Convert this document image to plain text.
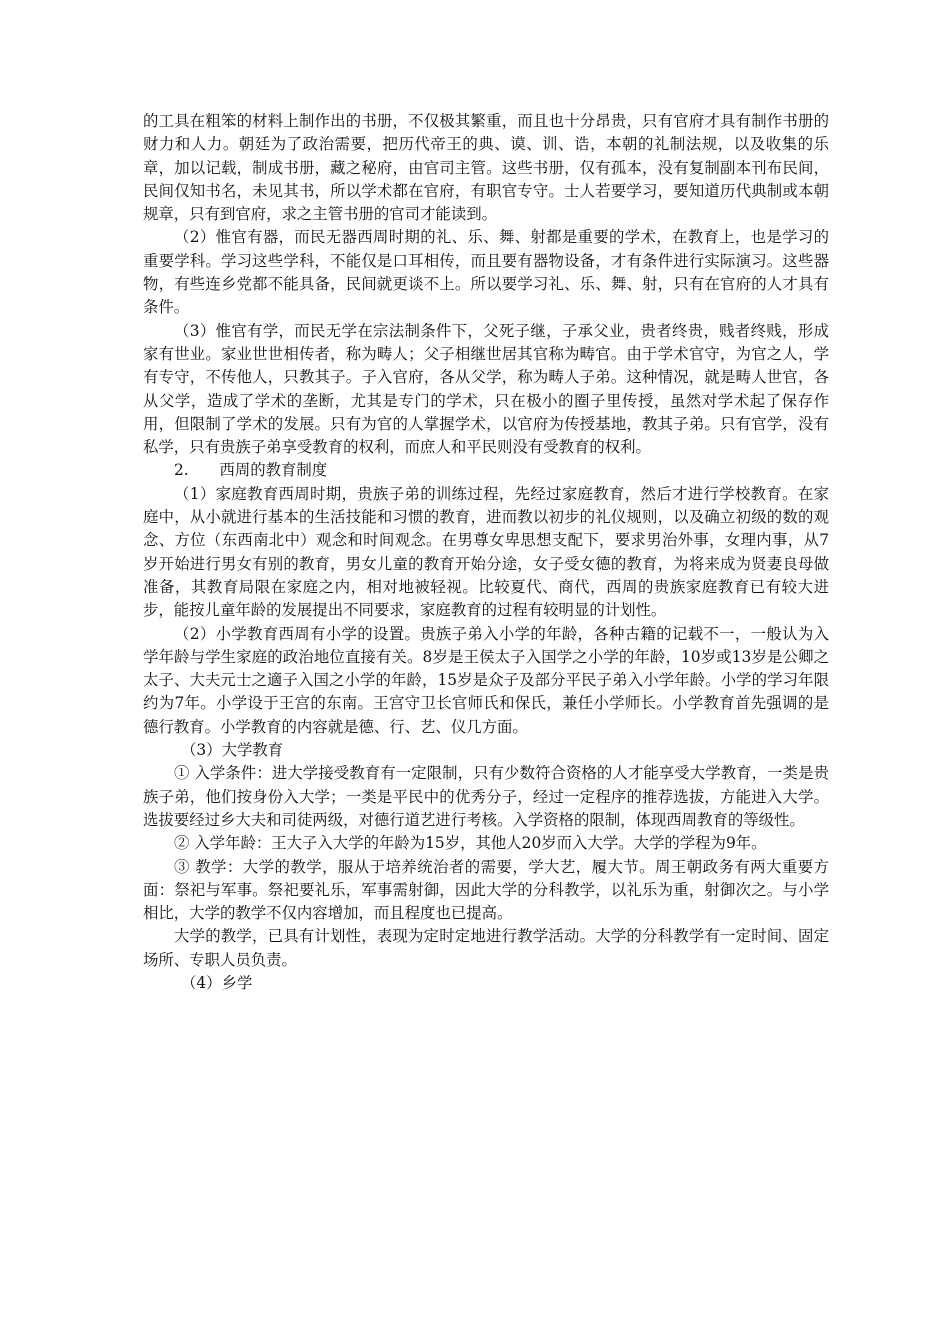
的工具在粗笨的材料上制作出的书册，不仅极其繁重，而且也十分昂贵，只有官府才具有制作书册的财力和人力。朝廷为了政治需要，把历代帝王的典、谟、训、诰，本朝的礼制法规，以及收集的乐章，加以记载，制成书册，藏之秘府，由官司主管。这些书册，仅有孤本，没有复制副本刊布民间，民间仅知书名，未见其书，所以学术都在官府，有职官专守。士人若要学习，要知道历代典制或本朝规章，只有到官府，求之主管书册的官司才能读到。

（2）惟官有器，而民无器西周时期的礼、乐、舞、射都是重要的学术，在教育上，也是学习的重要学科。学习这些学科，不能仅是口耳相传，而且要有器物设备，才有条件进行实际演习。这些器物，有些连乡党都不能具备，民间就更谈不上。所以要学习礼、乐、舞、射，只有在官府的人才具有条件。

（3）惟官有学，而民无学在宗法制条件下，父死子继，子承父业，贵者终贵，贱者终贱，形成家有世业。家业世世相传者，称为畴人；父子相继世居其官称为畴官。由于学术官守，为官之人，学有专守，不传他人，只教其子。子入官府，各从父学，称为畴人子弟。这种情况，就是畴人世官，各从父学，造成了学术的垄断，尤其是专门的学术，只在极小的圈子里传授，虽然对学术起了保存作用，但限制了学术的发展。只有为官的人掌握学术，以官府为传授基地，教其子弟。只有官学，没有私学，只有贵族子弟享受教育的权利，而庶人和平民则没有受教育的权利。

2.　　西周的教育制度

（1）家庭教育西周时期，贵族子弟的训练过程，先经过家庭教育，然后才进行学校教育。在家庭中，从小就进行基本的生活技能和习惯的教育，进而教以初步的礼仪规则，以及确立初级的数的观念、方位（东西南北中）观念和时间观念。在男尊女卑思想支配下，要求男治外事，女理内事，从7岁开始进行男女有别的教育，男女儿童的教育开始分途，女子受女德的教育，为将来成为贤妻良母做准备，其教育局限在家庭之内，相对地被轻视。比较夏代、商代，西周的贵族家庭教育已有较大进步，能按儿童年龄的发展提出不同要求，家庭教育的过程有较明显的计划性。

（2）小学教育西周有小学的设置。贵族子弟入小学的年龄，各种古籍的记载不一，一般认为入学年龄与学生家庭的政治地位直接有关。8岁是王侯太子入国学之小学的年龄，10岁或13岁是公卿之太子、大夫元士之適子入国之小学的年龄，15岁是众子及部分平民子弟入小学年龄。小学的学习年限约为7年。小学设于王宫的东南。王宫守卫长官师氏和保氏，兼任小学师长。小学教育首先强调的是德行教育。小学教育的内容就是德、行、艺、仪几方面。

（3）大学教育

① 入学条件：进大学接受教育有一定限制，只有少数符合资格的人才能享受大学教育，一类是贵族子弟，他们按身份入大学；一类是平民中的优秀分子，经过一定程序的推荐选拔，方能进入大学。选拔要经过乡大夫和司徒两级，对德行道艺进行考核。入学资格的限制，体现西周教育的等级性。

② 入学年龄：王大子入大学的年龄为15岁，其他人20岁而入大学。大学的学程为9年。

③ 教学：大学的教学，服从于培养统治者的需要，学大艺，履大节。周王朝政务有两大重要方面：祭祀与军事。祭祀要礼乐，军事需射御，因此大学的分科教学，以礼乐为重，射御次之。与小学相比，大学的教学不仅内容增加，而且程度也已提高。

大学的教学，已具有计划性，表现为定时定地进行教学活动。大学的分科教学有一定时间、固定场所、专职人员负责。

（4）乡学
